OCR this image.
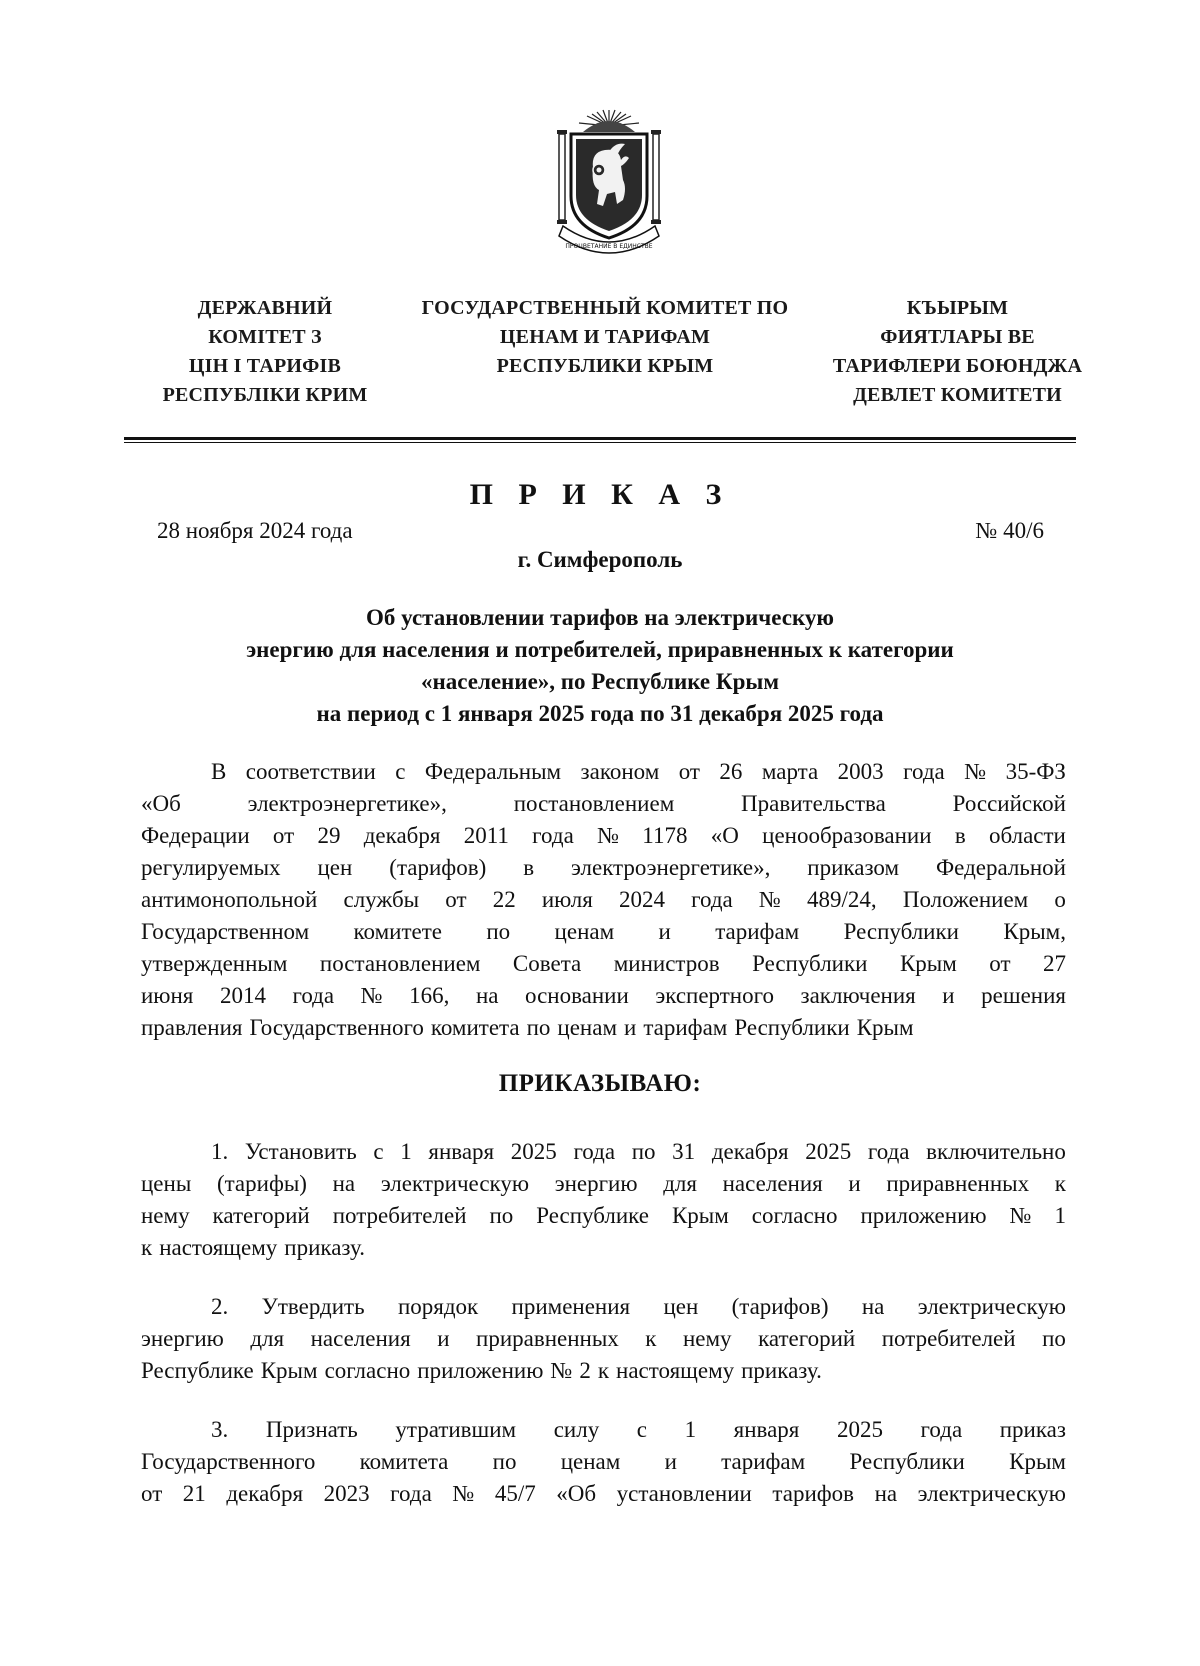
ПРОЦВЕТАНИЕ В ЕДИНСТВЕ
ДЕРЖАВНИЙ
КОМІТЕТ З
ЦІН І ТАРИФІВ
РЕСПУБЛІКИ КРИМ
ГОСУДАРСТВЕННЫЙ КОМИТЕТ ПО
ЦЕНАМ И ТАРИФАМ
РЕСПУБЛИКИ КРЫМ
КЪЫРЫМ
ФИЯТЛАРЫ ВЕ
ТАРИФЛЕРИ БОЮНДЖА
ДЕВЛЕТ КОМИТЕТИ
П Р И К А З
28 ноября 2024 года	№ 40/6
г. Симферополь
Об установлении тарифов на электрическую
энергию для населения и потребителей, приравненных к категории
«население», по Республике Крым
на период с 1 января 2025 года по 31 декабря 2025 года
В соответствии с Федеральным законом от 26 марта 2003 года № 35-ФЗ
«Об	электроэнергетике»,	постановлением	Правительства	Российской
Федерации от 29 декабря 2011 года № 1178 «О ценообразовании в области
регулируемых цен (тарифов) в электроэнергетике», приказом Федеральной
антимонопольной службы от 22 июля 2024 года № 489/24, Положением о
Государственном комитете по ценам и тарифам Республики Крым,
утвержденным постановлением Совета министров Республики Крым от 27
июня 2014 года № 166, на основании экспертного заключения и решения
правления Государственного комитета по ценам и тарифам Республики Крым
ПРИКАЗЫВАЮ:
1. Установить с 1 января 2025 года по 31 декабря 2025 года включительно
цены (тарифы) на электрическую энергию для населения и приравненных к
нему категорий потребителей по Республике Крым согласно приложению № 1
к настоящему приказу.
2. Утвердить порядок применения цен (тарифов) на электрическую
энергию для населения и приравненных к нему категорий потребителей по
Республике Крым согласно приложению № 2 к настоящему приказу.
3. Признать утратившим силу с 1 января 2025 года приказ
Государственного комитета по ценам и тарифам Республики Крым
от 21 декабря 2023 года № 45/7 «Об установлении тарифов на электрическую
